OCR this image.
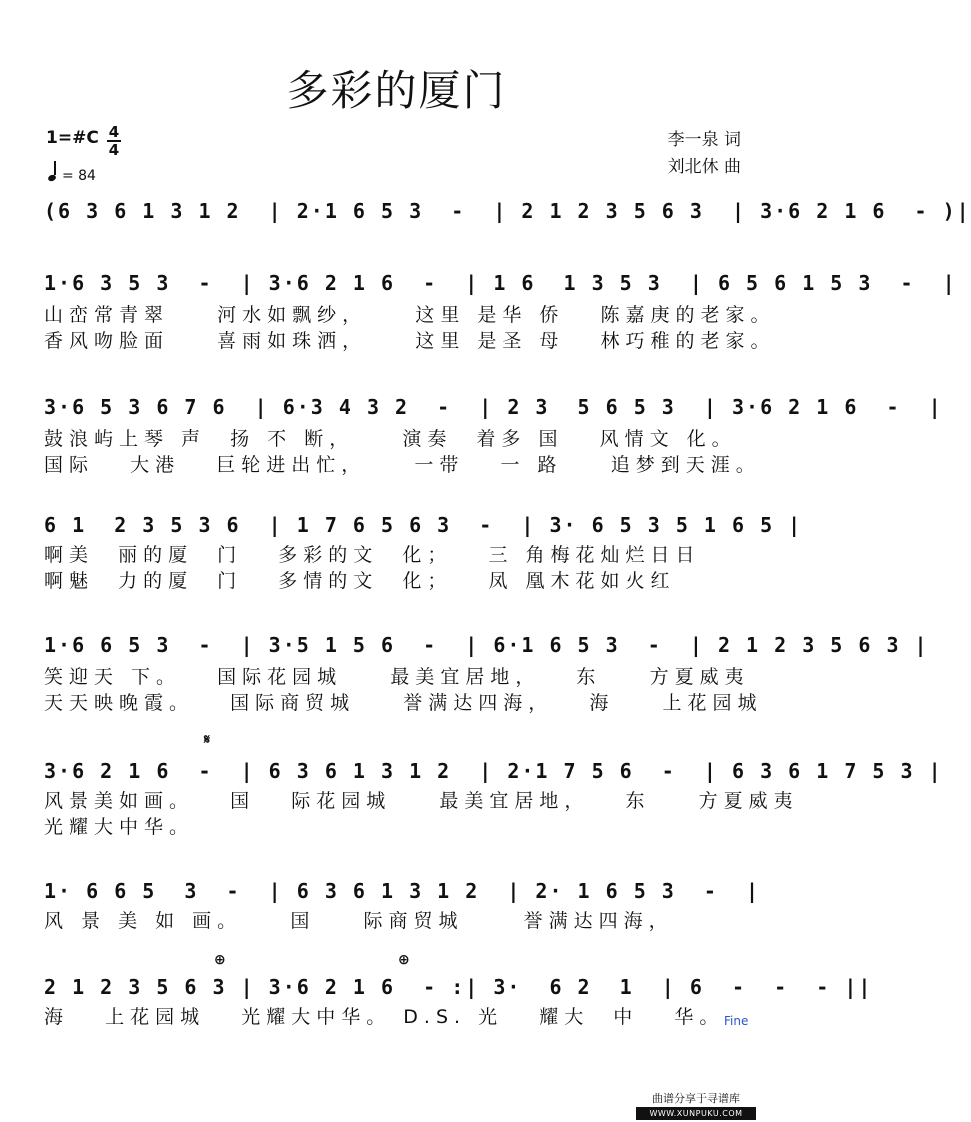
多彩的厦门
1=#C 4
4
= 84
李一泉 词
刘北休 曲
(6 3 6 1 3 1 2  | 2·1 6 5 3  -  | 2 1 2 3 5 6 3  | 3·6 2 1 6  - )|
1·6 3 5 3  -  | 3·6 2 1 6  -  | 1 6  1 3 5 3  | 6 5 6 1 5 3  -  |
山峦常青翠    河水如飘纱，    这里 是华 侨   陈嘉庚的老家。
香风吻脸面    喜雨如珠洒，    这里 是圣 母   林巧稚的老家。
3·6 5 3 6 7 6  | 6·3 4 3 2  -  | 2 3  5 6 5 3  | 3·6 2 1 6  -  |
鼓浪屿上琴 声  扬 不 断，    演奏  着多 国   风情文 化。
国际   大港   巨轮进出忙，    一带   一 路    追梦到天涯。
6 1  2 3 5 3 6  | 1 7 6 5 6 3  -  | 3· 6 5 3 5 1 6 5 |
啊美  丽的厦  门   多彩的文  化；   三 角梅花灿烂日日
啊魅  力的厦  门   多情的文  化；   凤 凰木花如火红
1·6 6 5 3  -  | 3·5 1 5 6  -  | 6·1 6 5 3  -  | 2 1 2 3 5 6 3 |
笑迎天 下。   国际花园城    最美宜居地，   东    方夏威夷
天天映晚霞。   国际商贸城    誉满达四海，   海    上花园城
𝄋
3·6 2 1 6  -  | 6 3 6 1 3 1 2  | 2·1 7 5 6  -  | 6 3 6 1 7 5 3 |
风景美如画。   国   际花园城    最美宜居地，   东    方夏威夷
光耀大中华。
1· 6 6 5  3  -  | 6 3 6 1 3 1 2  | 2· 1 6 5 3  -  |
风 景 美 如 画。    国    际商贸城     誉满达四海，
⊕	⊕
2 1 2 3 5 6 3 | 3·6 2 1 6  - :| 3·  6 2  1  | 6  -  -  - ||
海   上花园城   光耀大中华。 D.S. 光   耀大  中   华。 Fine
曲谱分享于寻谱库
WWW.XUNPUKU.COM
